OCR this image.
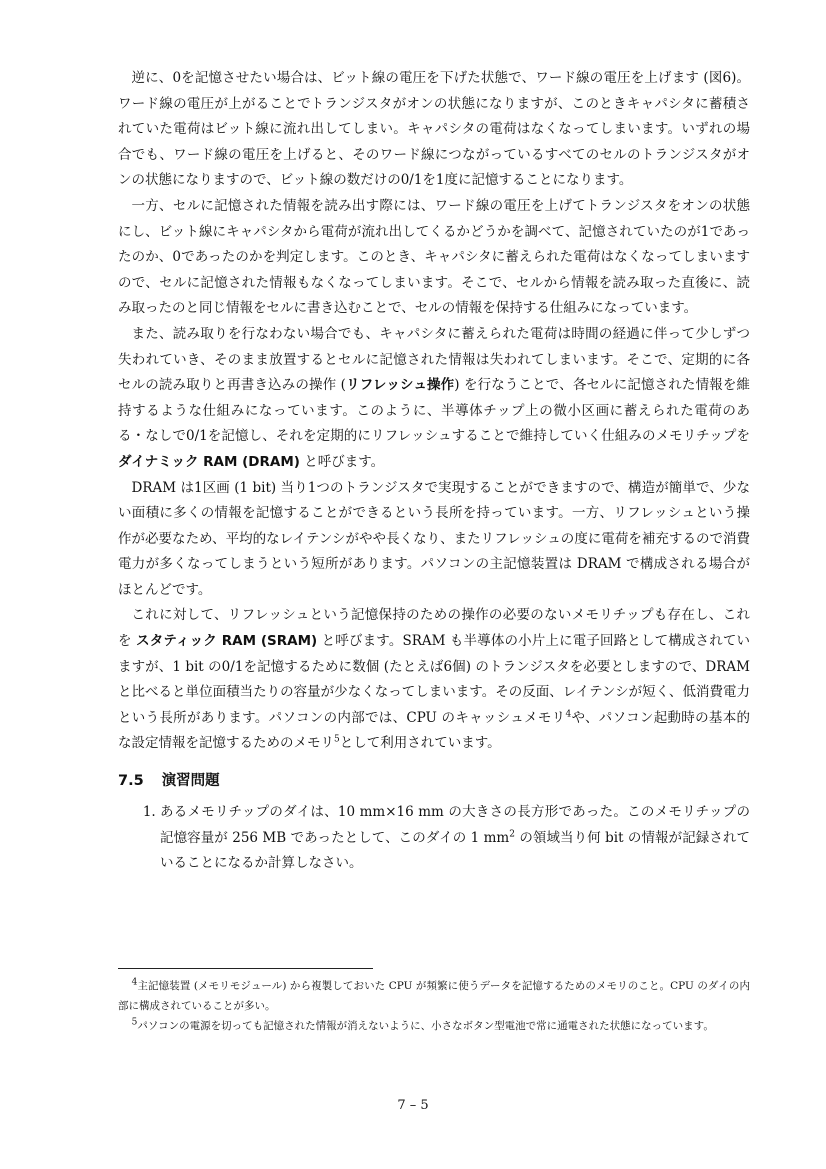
逆に、0を記憶させたい場合は、ビット線の電圧を下げた状態で、ワード線の電圧を上げます (図6)。ワード線の電圧が上がることでトランジスタがオンの状態になりますが、このときキャパシタに蓄積されていた電荷はビット線に流れ出してしまい。キャパシタの電荷はなくなってしまいます。いずれの場合でも、ワード線の電圧を上げると、そのワード線につながっているすべてのセルのトランジスタがオンの状態になりますので、ビット線の数だけの0/1を1度に記憶することになります。

一方、セルに記憶された情報を読み出す際には、ワード線の電圧を上げてトランジスタをオンの状態にし、ビット線にキャパシタから電荷が流れ出してくるかどうかを調べて、記憶されていたのが1であったのか、0であったのかを判定します。このとき、キャパシタに蓄えられた電荷はなくなってしまいますので、セルに記憶された情報もなくなってしまいます。そこで、セルから情報を読み取った直後に、読み取ったのと同じ情報をセルに書き込むことで、セルの情報を保持する仕組みになっています。

また、読み取りを行なわない場合でも、キャパシタに蓄えられた電荷は時間の経過に伴って少しずつ失われていき、そのまま放置するとセルに記憶された情報は失われてしまいます。そこで、定期的に各セルの読み取りと再書き込みの操作 (リフレッシュ操作) を行なうことで、各セルに記憶された情報を維持するような仕組みになっています。このように、半導体チップ上の微小区画に蓄えられた電荷のある・なしで0/1を記憶し、それを定期的にリフレッシュすることで維持していく仕組みのメモリチップをダイナミック RAM (DRAM) と呼びます。

DRAM は1区画 (1 bit) 当り1つのトランジスタで実現することができますので、構造が簡単で、少ない面積に多くの情報を記憶することができるという長所を持っています。一方、リフレッシュという操作が必要なため、平均的なレイテンシがやや長くなり、またリフレッシュの度に電荷を補充するので消費電力が多くなってしまうという短所があります。パソコンの主記憶装置は DRAM で構成される場合がほとんどです。

これに対して、リフレッシュという記憶保持のための操作の必要のないメモリチップも存在し、これを スタティック RAM (SRAM) と呼びます。SRAM も半導体の小片上に電子回路として構成されていますが、1 bit の0/1を記憶するために数個 (たとえば6個) のトランジスタを必要としますので、DRAM と比べると単位面積当たりの容量が少なくなってしまいます。その反面、レイテンシが短く、低消費電力という長所があります。パソコンの内部では、CPU のキャッシュメモリ$^4$や、パソコン起動時の基本的な設定情報を記憶するためのメモリ$^5$として利用されています。

7.5 演習問題
1. あるメモリチップのダイは、10 mm×16 mm の大きさの長方形であった。このメモリチップの記憶容量が 256 MB であったとして、このダイの 1 $mm^2$ の領域当り何 bit の情報が記録されていることになるか計算しなさい。

$^4$主記憶装置 (メモリモジュール) から複製しておいた CPU が頻繁に使うデータを記憶するためのメモリのこと。CPU のダイの内部に構成されていることが多い。

$^5$パソコンの電源を切っても記憶された情報が消えないように、小さなボタン型電池で常に通電された状態になっています。

7 – 5
